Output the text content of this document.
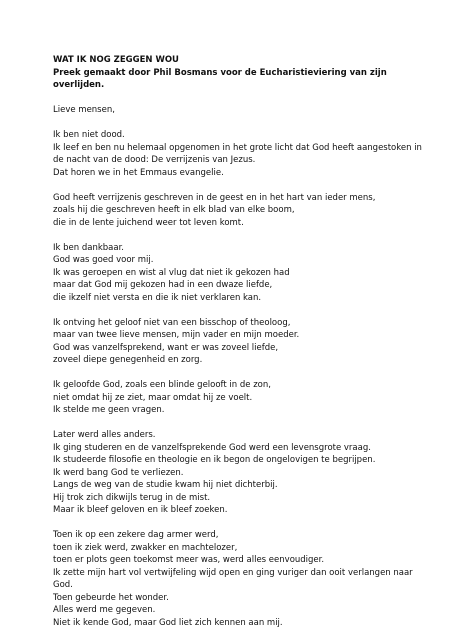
WAT IK NOG ZEGGEN WOU

Preek gemaakt door Phil Bosmans voor de Eucharistieviering van zijn overlijden.

Lieve mensen,

Ik ben niet dood.
Ik leef en ben nu helemaal opgenomen in het grote licht dat God heeft aangestoken in de nacht van de dood: De verrijzenis van Jezus.
Dat horen we in het Emmaus evangelie.
God heeft verrijzenis geschreven in de geest en in het hart van ieder mens,
zoals hij die geschreven heeft in elk blad van elke boom,
die in de lente juichend weer tot leven komt.
Ik ben dankbaar.
God was goed voor mij.
Ik was geroepen en wist al vlug dat niet ik gekozen had
maar dat God mij gekozen had in een dwaze liefde,
die ikzelf niet versta en die ik niet verklaren kan.
Ik ontving het geloof niet van een bisschop of theoloog,
maar van twee lieve mensen, mijn vader en mijn moeder.
God was vanzelfsprekend, want er was zoveel liefde,
zoveel diepe genegenheid en zorg.
Ik geloofde God, zoals een blinde gelooft in de zon,
niet omdat hij ze ziet, maar omdat hij ze voelt.
Ik stelde me geen vragen.
Later werd alles anders.
Ik ging studeren en de vanzelfsprekende God werd een levensgrote vraag.
Ik studeerde filosofie en theologie en ik begon de ongelovigen te begrijpen.
Ik werd bang God te verliezen.
Langs de weg van de studie kwam hij niet dichterbij.
Hij trok zich dikwijls terug in de mist.
Maar ik bleef geloven en ik bleef zoeken.
Toen ik op een zekere dag armer werd,
toen ik ziek werd, zwakker en machtelozer,
toen er plots geen toekomst meer was, werd alles eenvoudiger.
Ik zette mijn hart vol vertwijfeling wijd open en ging vuriger dan ooit verlangen naar God.
Toen gebeurde het wonder.
Alles werd me gegeven.
Niet ik kende God, maar God liet zich kennen aan mij.
